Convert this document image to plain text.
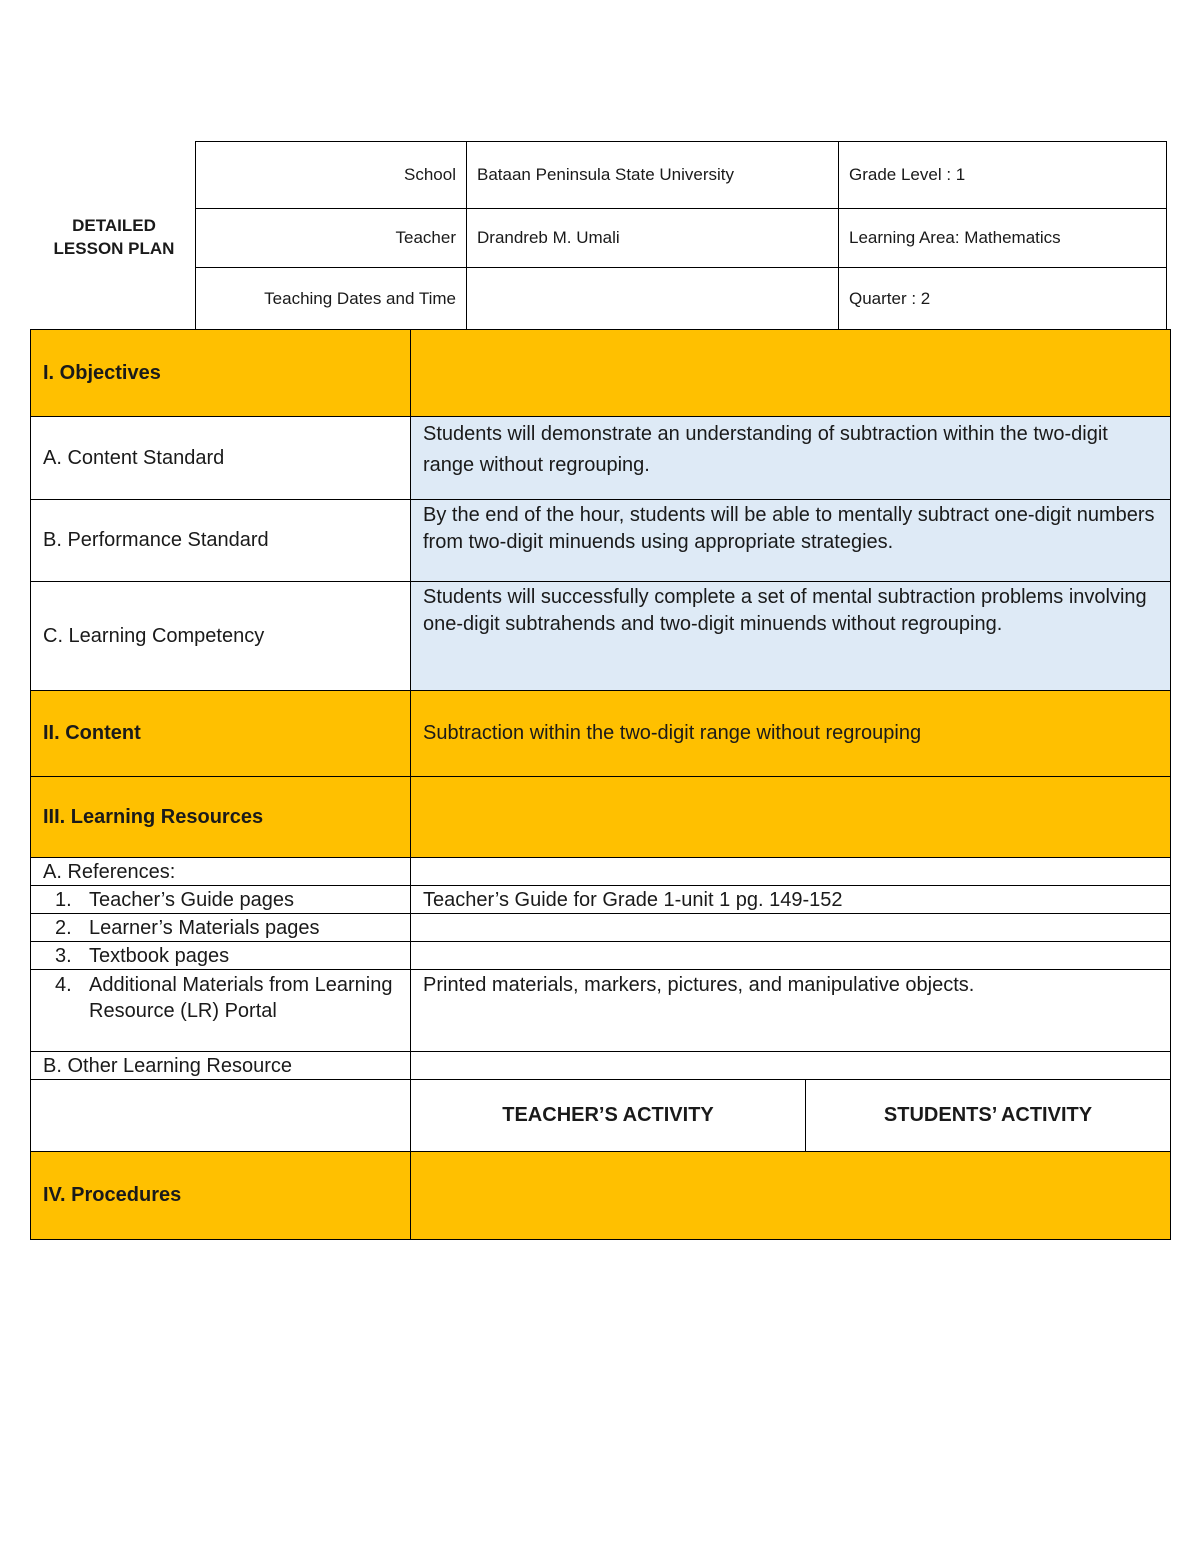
DETAILED
LESSON PLAN
School	Bataan Peninsula State University	Grade Level : 1
Teacher	Drandreb M. Umali	Learning Area: Mathematics
Teaching Dates and Time		Quarter : 2
I. Objectives		
A. Content Standard	Students will demonstrate an understanding of subtraction within the two-digit range without regrouping.	
B. Performance Standard	By the end of the hour, students will be able to mentally subtract one-digit numbers from two-digit minuends using appropriate strategies.	
C. Learning Competency	Students will successfully complete a set of mental subtraction problems involving one-digit subtrahends and two-digit minuends without regrouping.	
II. Content	Subtraction within the two-digit range without regrouping	
III. Learning Resources		
A. References:		
1. Teacher’s Guide pages	Teacher’s Guide for Grade 1-unit 1 pg. 149-152	
2. Learner’s Materials pages		
3. Textbook pages		

4. Additional Materials from Learning Resource (LR) Portal	Printed materials, markers, pictures, and manipulative objects.	
B. Other Learning Resource		
	TEACHER’S ACTIVITY	STUDENTS’ ACTIVITY
IV. Procedures		
